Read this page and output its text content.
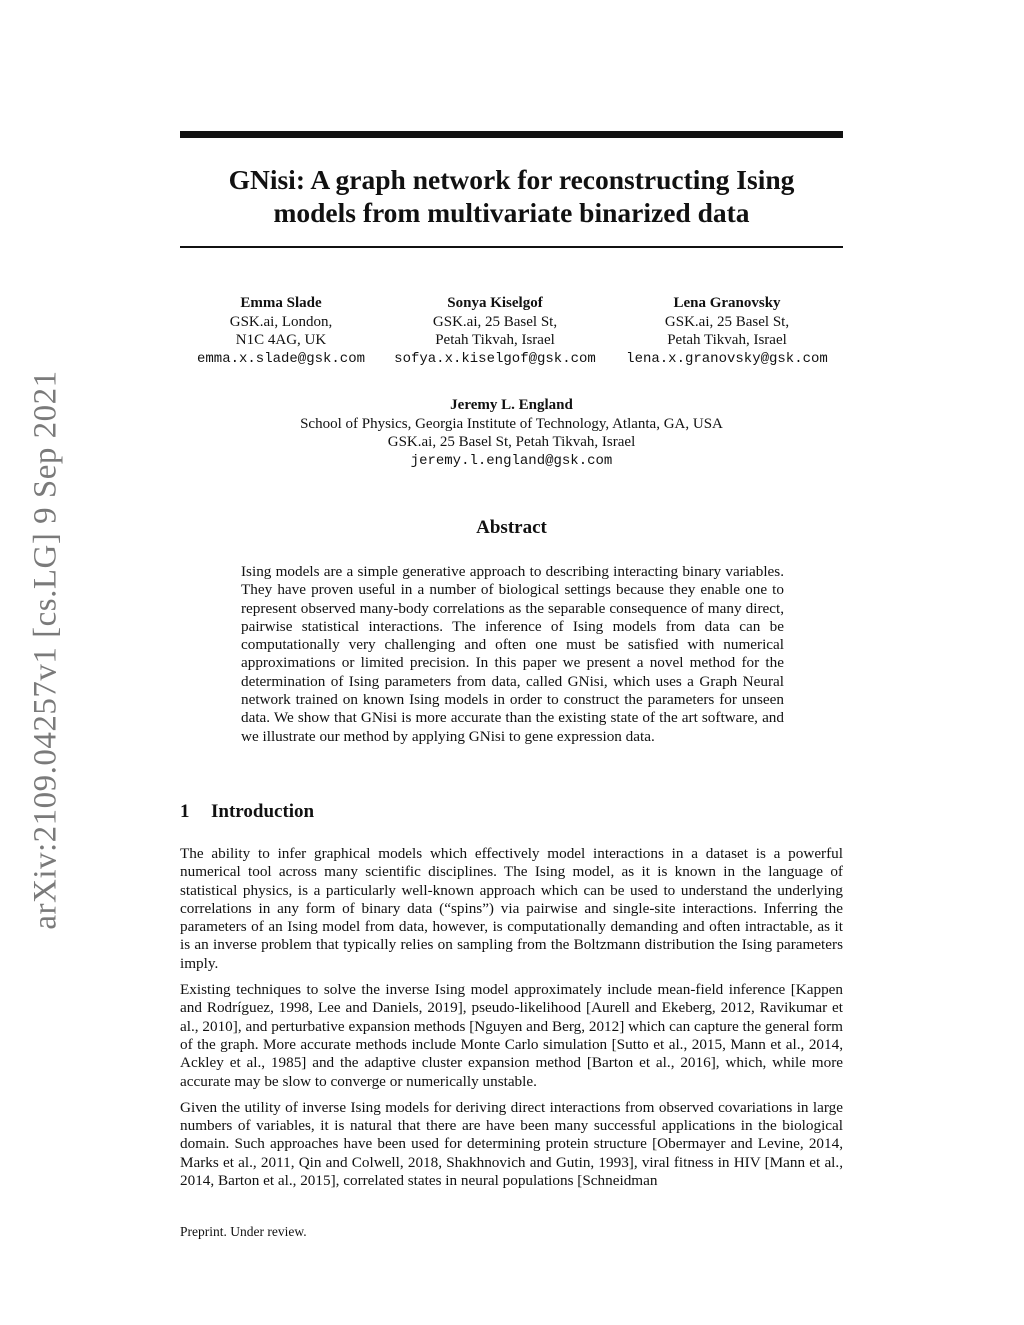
arXiv:2109.04257v1 [cs.LG] 9 Sep 2021
GNisi: A graph network for reconstructing Ising
models from multivariate binarized data
Emma Slade
GSK.ai, London,
N1C 4AG, UK
emma.x.slade@gsk.com
Sonya Kiselgof
GSK.ai, 25 Basel St,
Petah Tikvah, Israel
sofya.x.kiselgof@gsk.com
Lena Granovsky
GSK.ai, 25 Basel St,
Petah Tikvah, Israel
lena.x.granovsky@gsk.com
Jeremy L. England
School of Physics, Georgia Institute of Technology, Atlanta, GA, USA
GSK.ai, 25 Basel St, Petah Tikvah, Israel
jeremy.l.england@gsk.com
Abstract
Ising models are a simple generative approach to describing interacting binary variables. They have proven useful in a number of biological settings because they enable one to represent observed many-body correlations as the separable consequence of many direct, pairwise statistical interactions. The inference of Ising models from data can be computationally very challenging and often one must be satisfied with numerical approximations or limited precision. In this paper we present a novel method for the determination of Ising parameters from data, called GNisi, which uses a Graph Neural network trained on known Ising models in order to construct the parameters for unseen data. We show that GNisi is more accurate than the existing state of the art software, and we illustrate our method by applying GNisi to gene expression data.
1 Introduction

The ability to infer graphical models which effectively model interactions in a dataset is a powerful numerical tool across many scientific disciplines. The Ising model, as it is known in the language of statistical physics, is a particularly well-known approach which can be used to understand the underlying correlations in any form of binary data (“spins”) via pairwise and single-site interactions. Inferring the parameters of an Ising model from data, however, is computationally demanding and often intractable, as it is an inverse problem that typically relies on sampling from the Boltzmann distribution the Ising parameters imply.

Existing techniques to solve the inverse Ising model approximately include mean-field inference [Kappen and Rodríguez, 1998, Lee and Daniels, 2019], pseudo-likelihood [Aurell and Ekeberg, 2012, Ravikumar et al., 2010], and perturbative expansion methods [Nguyen and Berg, 2012] which can capture the general form of the graph. More accurate methods include Monte Carlo simulation [Sutto et al., 2015, Mann et al., 2014, Ackley et al., 1985] and the adaptive cluster expansion method [Barton et al., 2016], which, while more accurate may be slow to converge or numerically unstable.

Given the utility of inverse Ising models for deriving direct interactions from observed covariations in large numbers of variables, it is natural that there are have been many successful applications in the biological domain. Such approaches have been used for determining protein structure [Obermayer and Levine, 2014, Marks et al., 2011, Qin and Colwell, 2018, Shakhnovich and Gutin, 1993], viral fitness in HIV [Mann et al., 2014, Barton et al., 2015], correlated states in neural populations [Schneidman

Preprint. Under review.
